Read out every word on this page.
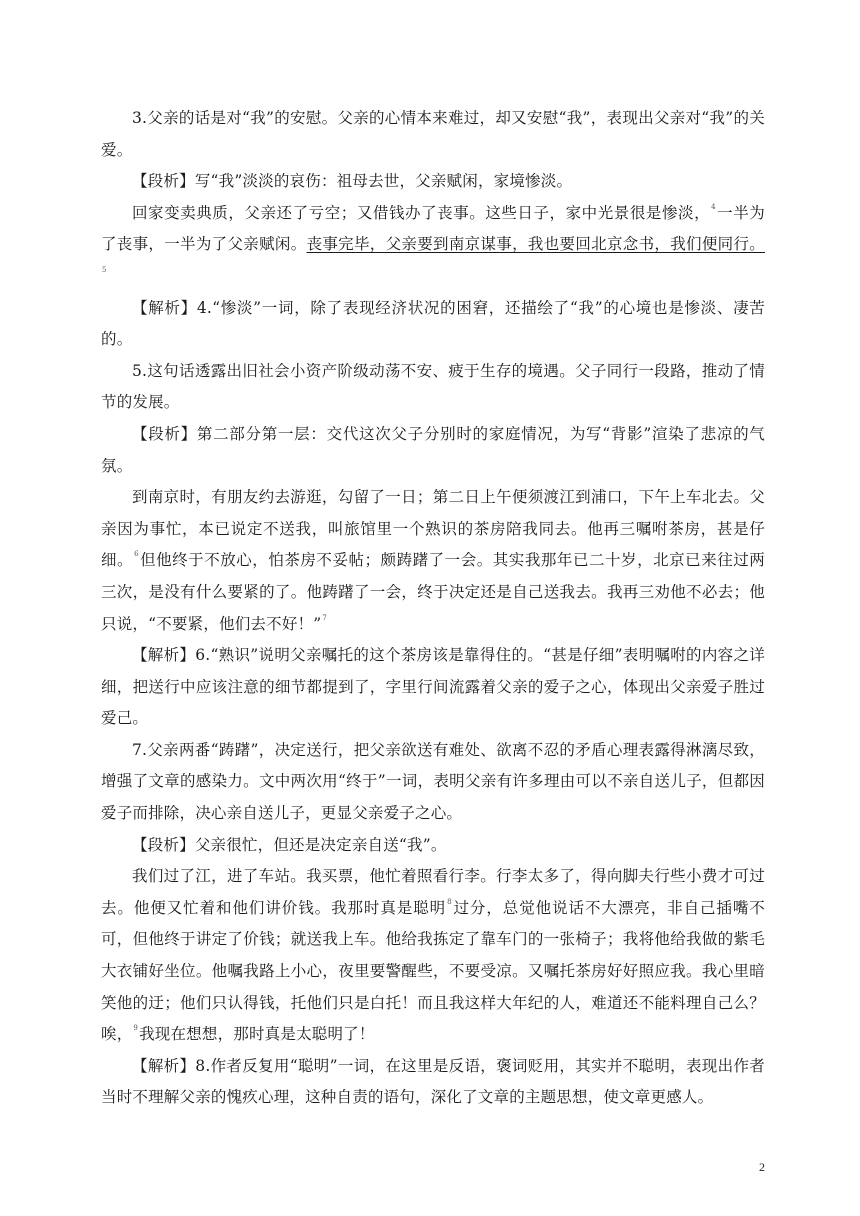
3.父亲的话是对“我”的安慰。父亲的心情本来难过，却又安慰“我”，表现出父亲对“我”的关爱。

【段析】写“我”淡淡的哀伤：祖母去世，父亲赋闲，家境惨淡。

回家变卖典质，父亲还了亏空；又借钱办了丧事。这些日子，家中光景很是惨淡，$^4$一半为了丧事，一半为了父亲赋闲。丧事完毕，父亲要到南京谋事，我也要回北京念书，我们便同行。$^5$

【解析】4.“惨淡”一词，除了表现经济状况的困窘，还描绘了“我”的心境也是惨淡、凄苦的。

5.这句话透露出旧社会小资产阶级动荡不安、疲于生存的境遇。父子同行一段路，推动了情节的发展。

【段析】第二部分第一层：交代这次父子分别时的家庭情况，为写“背影”渲染了悲凉的气氛。

到南京时，有朋友约去游逛，勾留了一日；第二日上午便须渡江到浦口，下午上车北去。父亲因为事忙，本已说定不送我，叫旅馆里一个熟识的茶房陪我同去。他再三嘱咐茶房，甚是仔细。$^6$但他终于不放心，怕茶房不妥帖；颇踌躇了一会。其实我那年已二十岁，北京已来往过两三次，是没有什么要紧的了。他踌躇了一会，终于决定还是自己送我去。我再三劝他不必去；他只说，“不要紧，他们去不好！”$^7$

【解析】6.“熟识”说明父亲嘱托的这个茶房该是靠得住的。“甚是仔细”表明嘱咐的内容之详细，把送行中应该注意的细节都提到了，字里行间流露着父亲的爱子之心，体现出父亲爱子胜过爱己。

7.父亲两番“踌躇”，决定送行，把父亲欲送有难处、欲离不忍的矛盾心理表露得淋漓尽致，增强了文章的感染力。文中两次用“终于”一词，表明父亲有许多理由可以不亲自送儿子，但都因爱子而排除，决心亲自送儿子，更显父亲爱子之心。

【段析】父亲很忙，但还是决定亲自送“我”。

我们过了江，进了车站。我买票，他忙着照看行李。行李太多了，得向脚夫行些小费才可过去。他便又忙着和他们讲价钱。我那时真是聪明$^8$过分，总觉他说话不大漂亮，非自己插嘴不可，但他终于讲定了价钱；就送我上车。他给我拣定了靠车门的一张椅子；我将他给我做的紫毛大衣铺好坐位。他嘱我路上小心，夜里要警醒些，不要受凉。又嘱托茶房好好照应我。我心里暗笑他的迂；他们只认得钱，托他们只是白托！而且我这样大年纪的人，难道还不能料理自己么？唉，$^9$我现在想想，那时真是太聪明了！

【解析】8.作者反复用“聪明”一词，在这里是反语，褒词贬用，其实并不聪明，表现出作者当时不理解父亲的愧疚心理，这种自责的语句，深化了文章的主题思想，使文章更感人。

2
